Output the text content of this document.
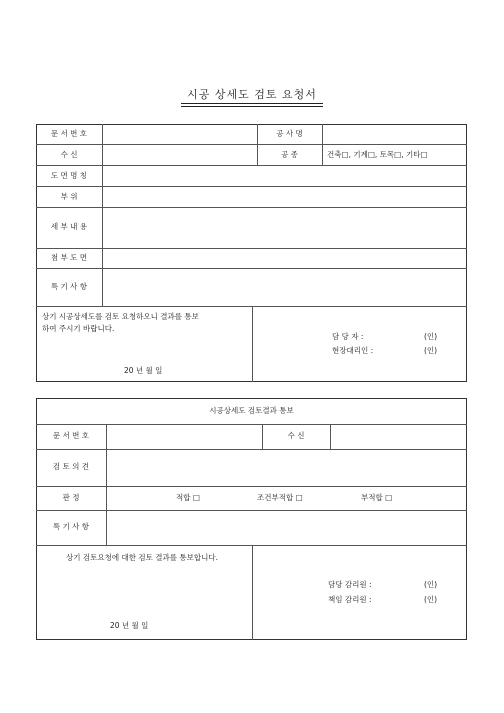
시공 상세도 검토 요청서
문 서 번 호	공 사 명
수 신	공 종	건축□, 기계□, 토목□, 기타□
도 면 명 칭
부 위
세 부 내 용
첨 부 도 면
특 기 사 항
상기 시공상세도를 검토 요청하오니 결과를 통보
하여 주시기 바랍니다.
20 년 월 일
담 당 자 :	(인)
현장대리인 :	(인)
시공상세도 검토결과 통보
문 서 번 호	수 신
검 토 의 견
판 정	적합 □	조건부적합 □	부적합 □
특 기 사 항
상기 검토요청에 대한 검토 결과를 통보합니다.
20 년 월 일
담당 감리원 :	(인)
책임 감리원 :	(인)
